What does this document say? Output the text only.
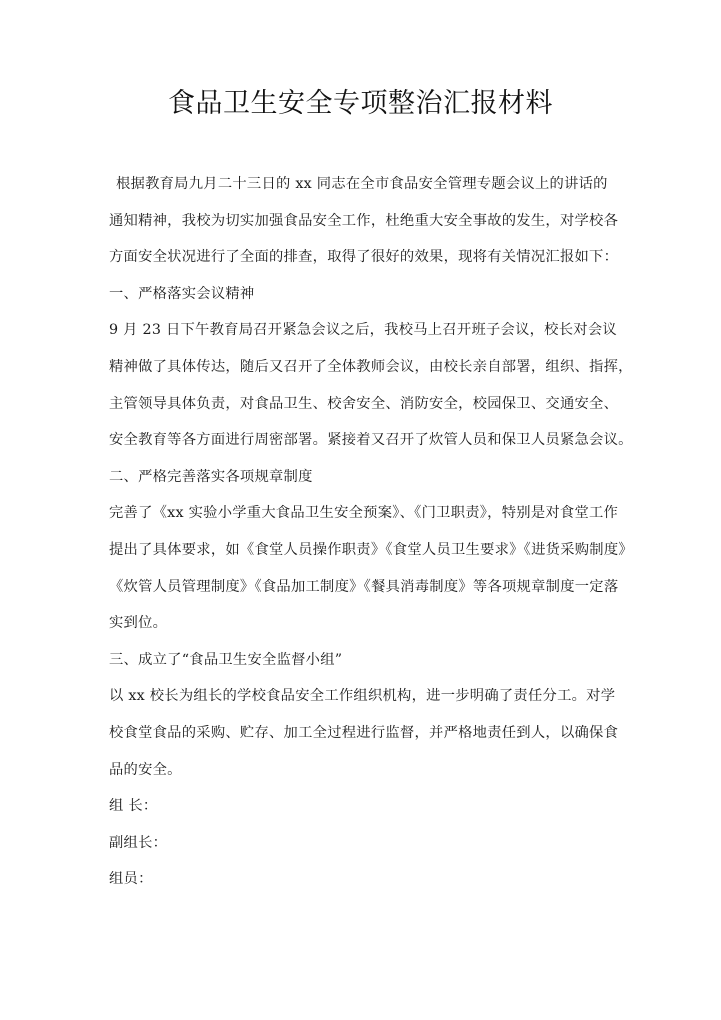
食品卫生安全专项整治汇报材料
根据教育局九月二十三日的 xx 同志在全市食品安全管理专题会议上的讲话的
通知精神，我校为切实加强食品安全工作，杜绝重大安全事故的发生，对学校各
方面安全状况进行了全面的排查，取得了很好的效果，现将有关情况汇报如下：
一、严格落实会议精神
9 月 23 日下午教育局召开紧急会议之后，我校马上召开班子会议，校长对会议
精神做了具体传达，随后又召开了全体教师会议，由校长亲自部署，组织、指挥，
主管领导具体负责，对食品卫生、校舍安全、消防安全，校园保卫、交通安全、
安全教育等各方面进行周密部署。紧接着又召开了炊管人员和保卫人员紧急会议。
二、严格完善落实各项规章制度
完善了《xx 实验小学重大食品卫生安全预案》、《门卫职责》，特别是对食堂工作
提出了具体要求，如《食堂人员操作职责》《食堂人员卫生要求》《进货采购制度》
《炊管人员管理制度》《食品加工制度》《餐具消毒制度》等各项规章制度一定落
实到位。
三、成立了“食品卫生安全监督小组”
以 xx 校长为组长的学校食品安全工作组织机构，进一步明确了责任分工。对学
校食堂食品的采购、贮存、加工全过程进行监督，并严格地责任到人，以确保食
品的安全。
组 长：
副组长：
组员：
